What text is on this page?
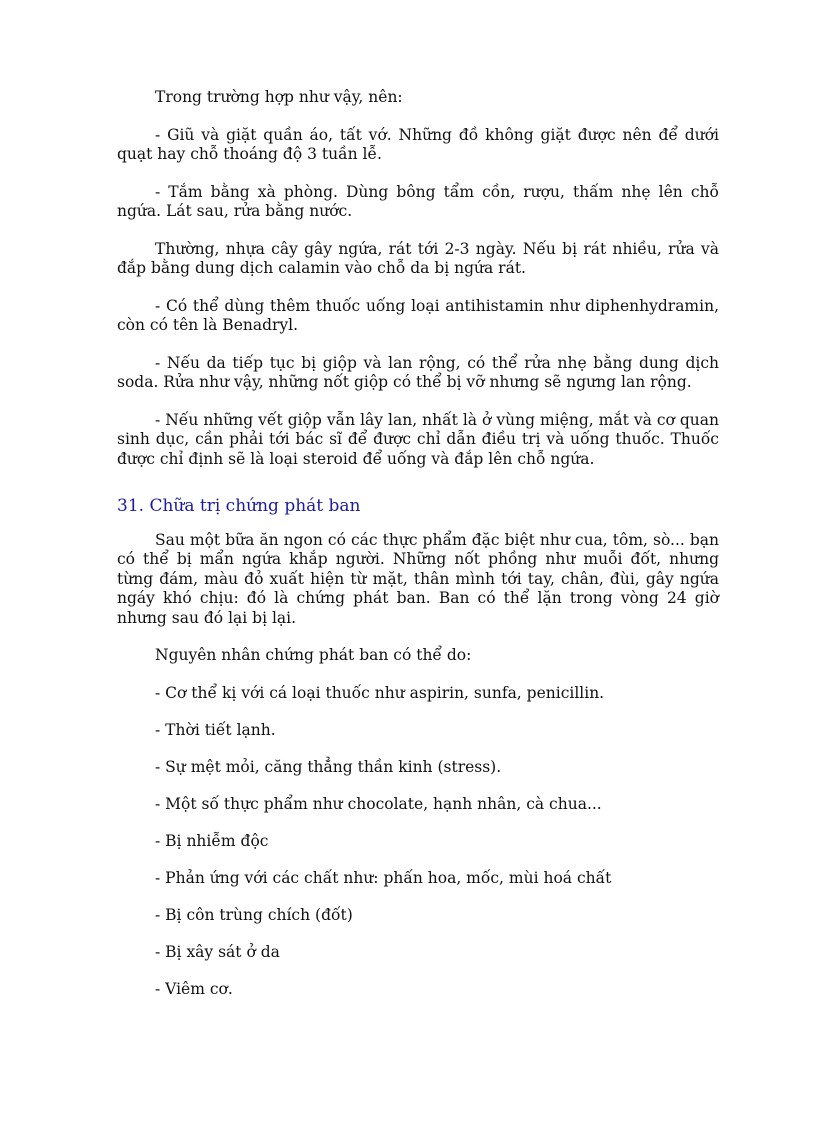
Trong trường hợp như vậy, nên:

- Giũ và giặt quần áo, tất vớ. Những đồ không giặt được nên để dưới quạt hay chỗ thoáng độ 3 tuần lễ.

- Tắm bằng xà phòng. Dùng bông tẩm cồn, rượu, thấm nhẹ lên chỗ ngứa. Lát sau, rửa bằng nước.

Thường, nhựa cây gây ngứa, rát tới 2-3 ngày. Nếu bị rát nhiều, rửa và đắp bằng dung dịch calamin vào chỗ da bị ngứa rát.

- Có thể dùng thêm thuốc uống loại antihistamin như diphenhydramin, còn có tên là Benadryl.

- Nếu da tiếp tục bị giộp và lan rộng, có thể rửa nhẹ bằng dung dịch soda. Rửa như vậy, những nốt giộp có thể bị vỡ nhưng sẽ ngưng lan rộng.

- Nếu những vết giộp vẫn lây lan, nhất là ở vùng miệng, mắt và cơ quan sinh dục, cần phải tới bác sĩ để được chỉ dẫn điều trị và uống thuốc. Thuốc được chỉ định sẽ là loại steroid để uống và đắp lên chỗ ngứa.

31. Chữa trị chứng phát ban

Sau một bữa ăn ngon có các thực phẩm đặc biệt như cua, tôm, sò... bạn có thể bị mẩn ngứa khắp người. Những nốt phồng như muỗi đốt, nhưng từng đám, màu đỏ xuất hiện từ mặt, thân mình tới tay, chân, đùi, gây ngứa ngáy khó chịu: đó là chứng phát ban. Ban có thể lặn trong vòng 24 giờ nhưng sau đó lại bị lại.

Nguyên nhân chứng phát ban có thể do:

- Cơ thể kị với cá loại thuốc như aspirin, sunfa, penicillin.

- Thời tiết lạnh.

- Sự mệt mỏi, căng thẳng thần kinh (stress).

- Một số thực phẩm như chocolate, hạnh nhân, cà chua...

- Bị nhiễm độc

- Phản ứng với các chất như: phấn hoa, mốc, mùi hoá chất

- Bị côn trùng chích (đốt)

- Bị xây sát ở da

- Viêm cơ.
